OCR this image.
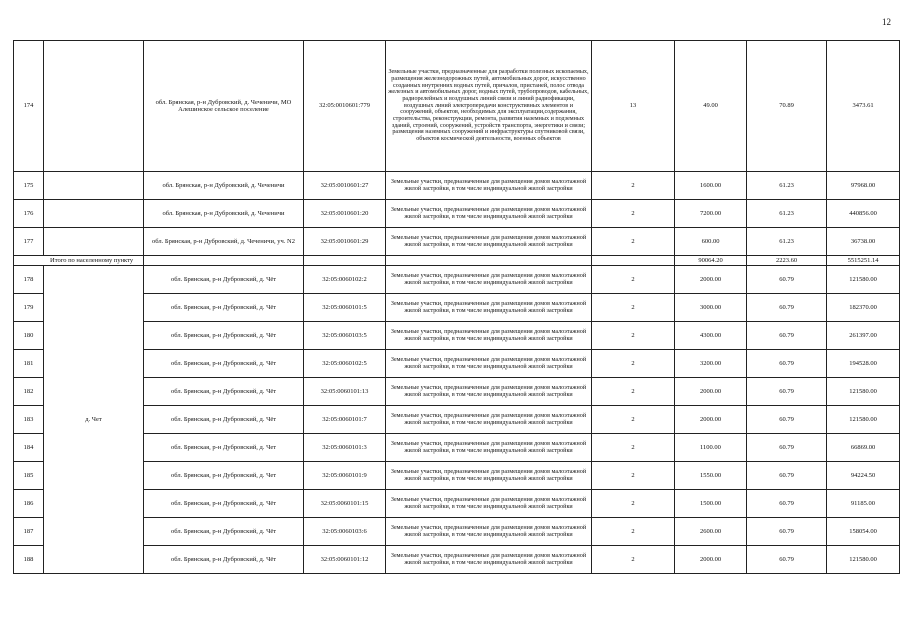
12
174		обл. Брянская, р-н Дубровский, д. Чеченичи, МО Алешинское сельское поселение	32:05:0010601:779	Земельные участки, предназначенные для разработки полезных ископаемых, размещения железнодорожных путей, автомобильных дорог, искусственно созданных внутренних водных путей, причалов, пристаней, полос отвода железных и автомобильных дорог, водных путей, трубопроводов, кабельных, радиорелейных и воздушных линий связи и линий радиофикации, воздушных линий электропередачи конструктивных элементов и сооружений, объектов, необходимых для эксплуатации,содержания, строительства, реконструкции, ремонта, развития наземных и подземных зданий, строений, сооружений, устройств транспорта, энергетики и связи; размещения наземных сооружений и инфраструктуры спутниковой связи, объектов космической деятельности, военных объектов	13	49.00	70.89	3473.61
175		обл. Брянская, р-н Дубровский, д. Чеченичи	32:05:0010601:27	Земельные участки, предназначенные для размещения домов малоэтажной жилой застройки, в том числе индивидуальной жилой застройки	2	1600.00	61.23	97968.00
176		обл. Брянская, р-н Дубровский, д. Чеченичи	32:05:0010601:20	Земельные участки, предназначенные для размещения домов малоэтажной жилой застройки, в том числе индивидуальной жилой застройки	2	7200.00	61.23	440856.00
177		обл. Брянская, р-н Дубровский, д. Чеченичи, уч. N2	32:05:0010601:29	Земельные участки, предназначенные для размещения домов малоэтажной жилой застройки, в том числе индивидуальной жилой застройки	2	600.00	61.23	36738.00
Итого по населенному пункту						90064.20	2223.60	5515251.14
178	д. Чет	обл. Брянская, р-н Дубровский, д. Чёт	32:05:0060102:2	Земельные участки, предназначенные для размещения домов малоэтажной жилой застройки, в том числе индивидуальной жилой застройки	2	2000.00	60.79	121580.00
179		обл. Брянская, р-н Дубровский, д. Чёт	32:05:0060101:5	Земельные участки, предназначенные для размещения домов малоэтажной жилой застройки, в том числе индивидуальной жилой застройки	2	3000.00	60.79	182370.00
180		обл. Брянская, р-н Дубровский, д. Чёт	32:05:0060103:5	Земельные участки, предназначенные для размещения домов малоэтажной жилой застройки, в том числе индивидуальной жилой застройки	2	4300.00	60.79	261397.00
181		обл. Брянская, р-н Дубровский, д. Чёт	32:05:0060102:5	Земельные участки, предназначенные для размещения домов малоэтажной жилой застройки, в том числе индивидуальной жилой застройки	2	3200.00	60.79	194528.00
182		обл. Брянская, р-н Дубровский, д. Чёт	32:05:0060101:13	Земельные участки, предназначенные для размещения домов малоэтажной жилой застройки, в том числе индивидуальной жилой застройки	2	2000.00	60.79	121580.00
183		обл. Брянская, р-н Дубровский, д. Чёт	32:05:0060101:7	Земельные участки, предназначенные для размещения домов малоэтажной жилой застройки, в том числе индивидуальной жилой застройки	2	2000.00	60.79	121580.00
184		обл. Брянская, р-н Дубровский, д. Чет	32:05:0060101:3	Земельные участки, предназначенные для размещения домов малоэтажной жилой застройки, в том числе индивидуальной жилой застройки	2	1100.00	60.79	66869.00
185		обл. Брянская, р-н Дубровский, д. Чет	32:05:0060101:9	Земельные участки, предназначенные для размещения домов малоэтажной жилой застройки, в том числе индивидуальной жилой застройки	2	1550.00	60.79	94224.50
186		обл. Брянская, р-н Дубровский, д. Чёт	32:05:0060101:15	Земельные участки, предназначенные для размещения домов малоэтажной жилой застройки, в том числе индивидуальной жилой застройки	2	1500.00	60.79	91185.00
187		обл. Брянская, р-н Дубровский, д. Чёт	32:05:0060103:6	Земельные участки, предназначенные для размещения домов малоэтажной жилой застройки, в том числе индивидуальной жилой застройки	2	2600.00	60.79	158054.00
188		обл. Брянская, р-н Дубровский, д. Чёт	32:05:0060101:12	Земельные участки, предназначенные для размещения домов малоэтажной жилой застройки, в том числе индивидуальной жилой застройки	2	2000.00	60.79	121580.00
